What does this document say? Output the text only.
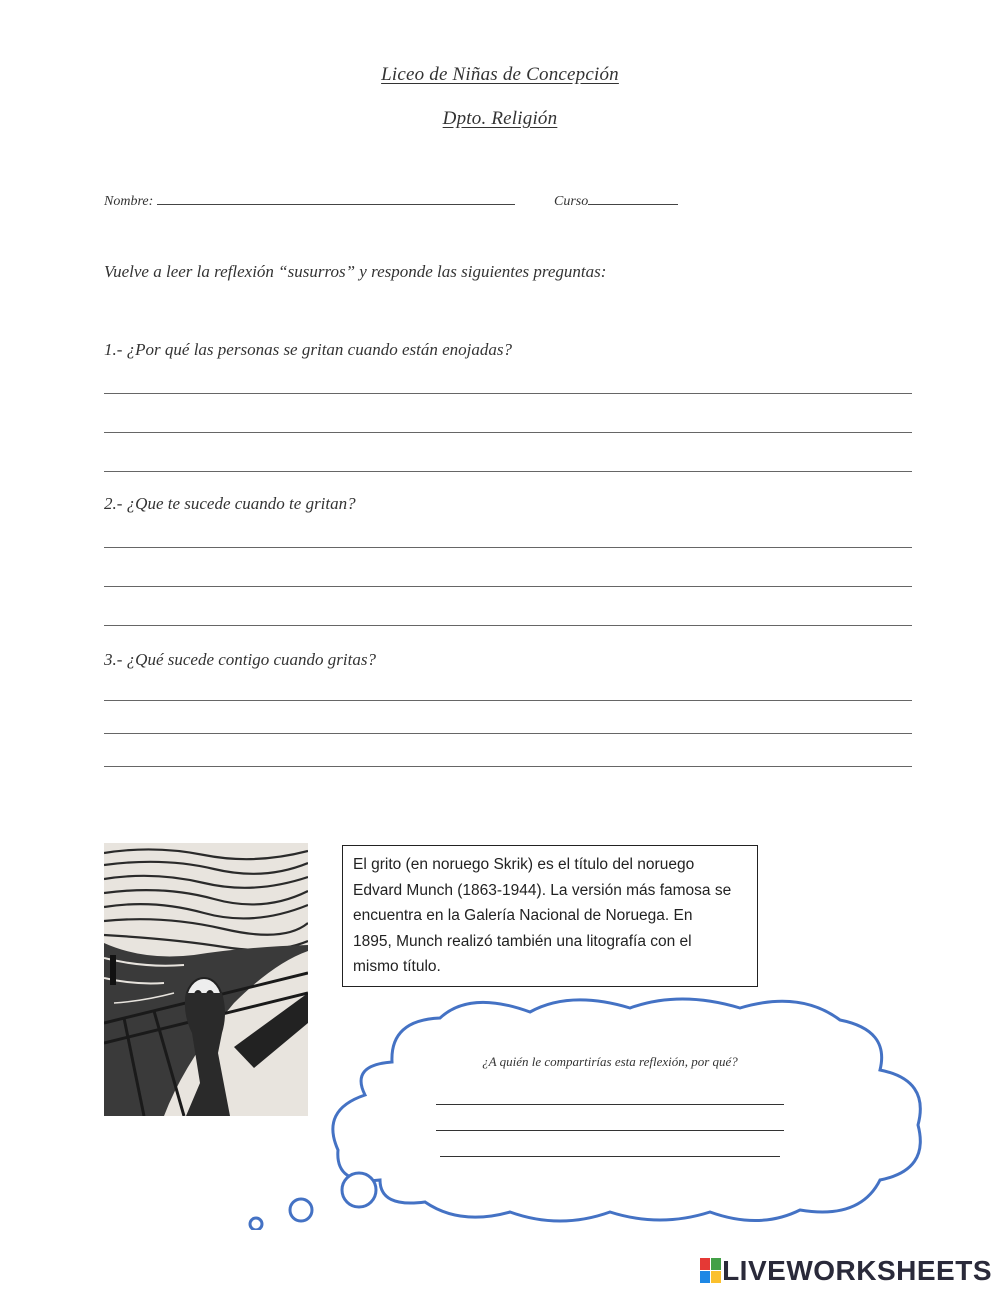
Liceo de Niñas de Concepción
Dpto. Religión
Nombre:	Curso
Vuelve a leer la reflexión “susurros” y responde las siguientes preguntas:
1.- ¿Por qué las personas se gritan cuando están enojadas?
2.- ¿Que te sucede cuando te gritan?
3.- ¿Qué sucede contigo cuando gritas?
El grito (en noruego Skrik) es el título del noruego
Edvard Munch (1863-1944). La versión más famosa se
encuentra en la Galería Nacional de Noruega. En
1895, Munch realizó también una litografía con el
mismo título.
¿A quién le compartirías esta reflexión, por qué?
LIVEWORKSHEETS
